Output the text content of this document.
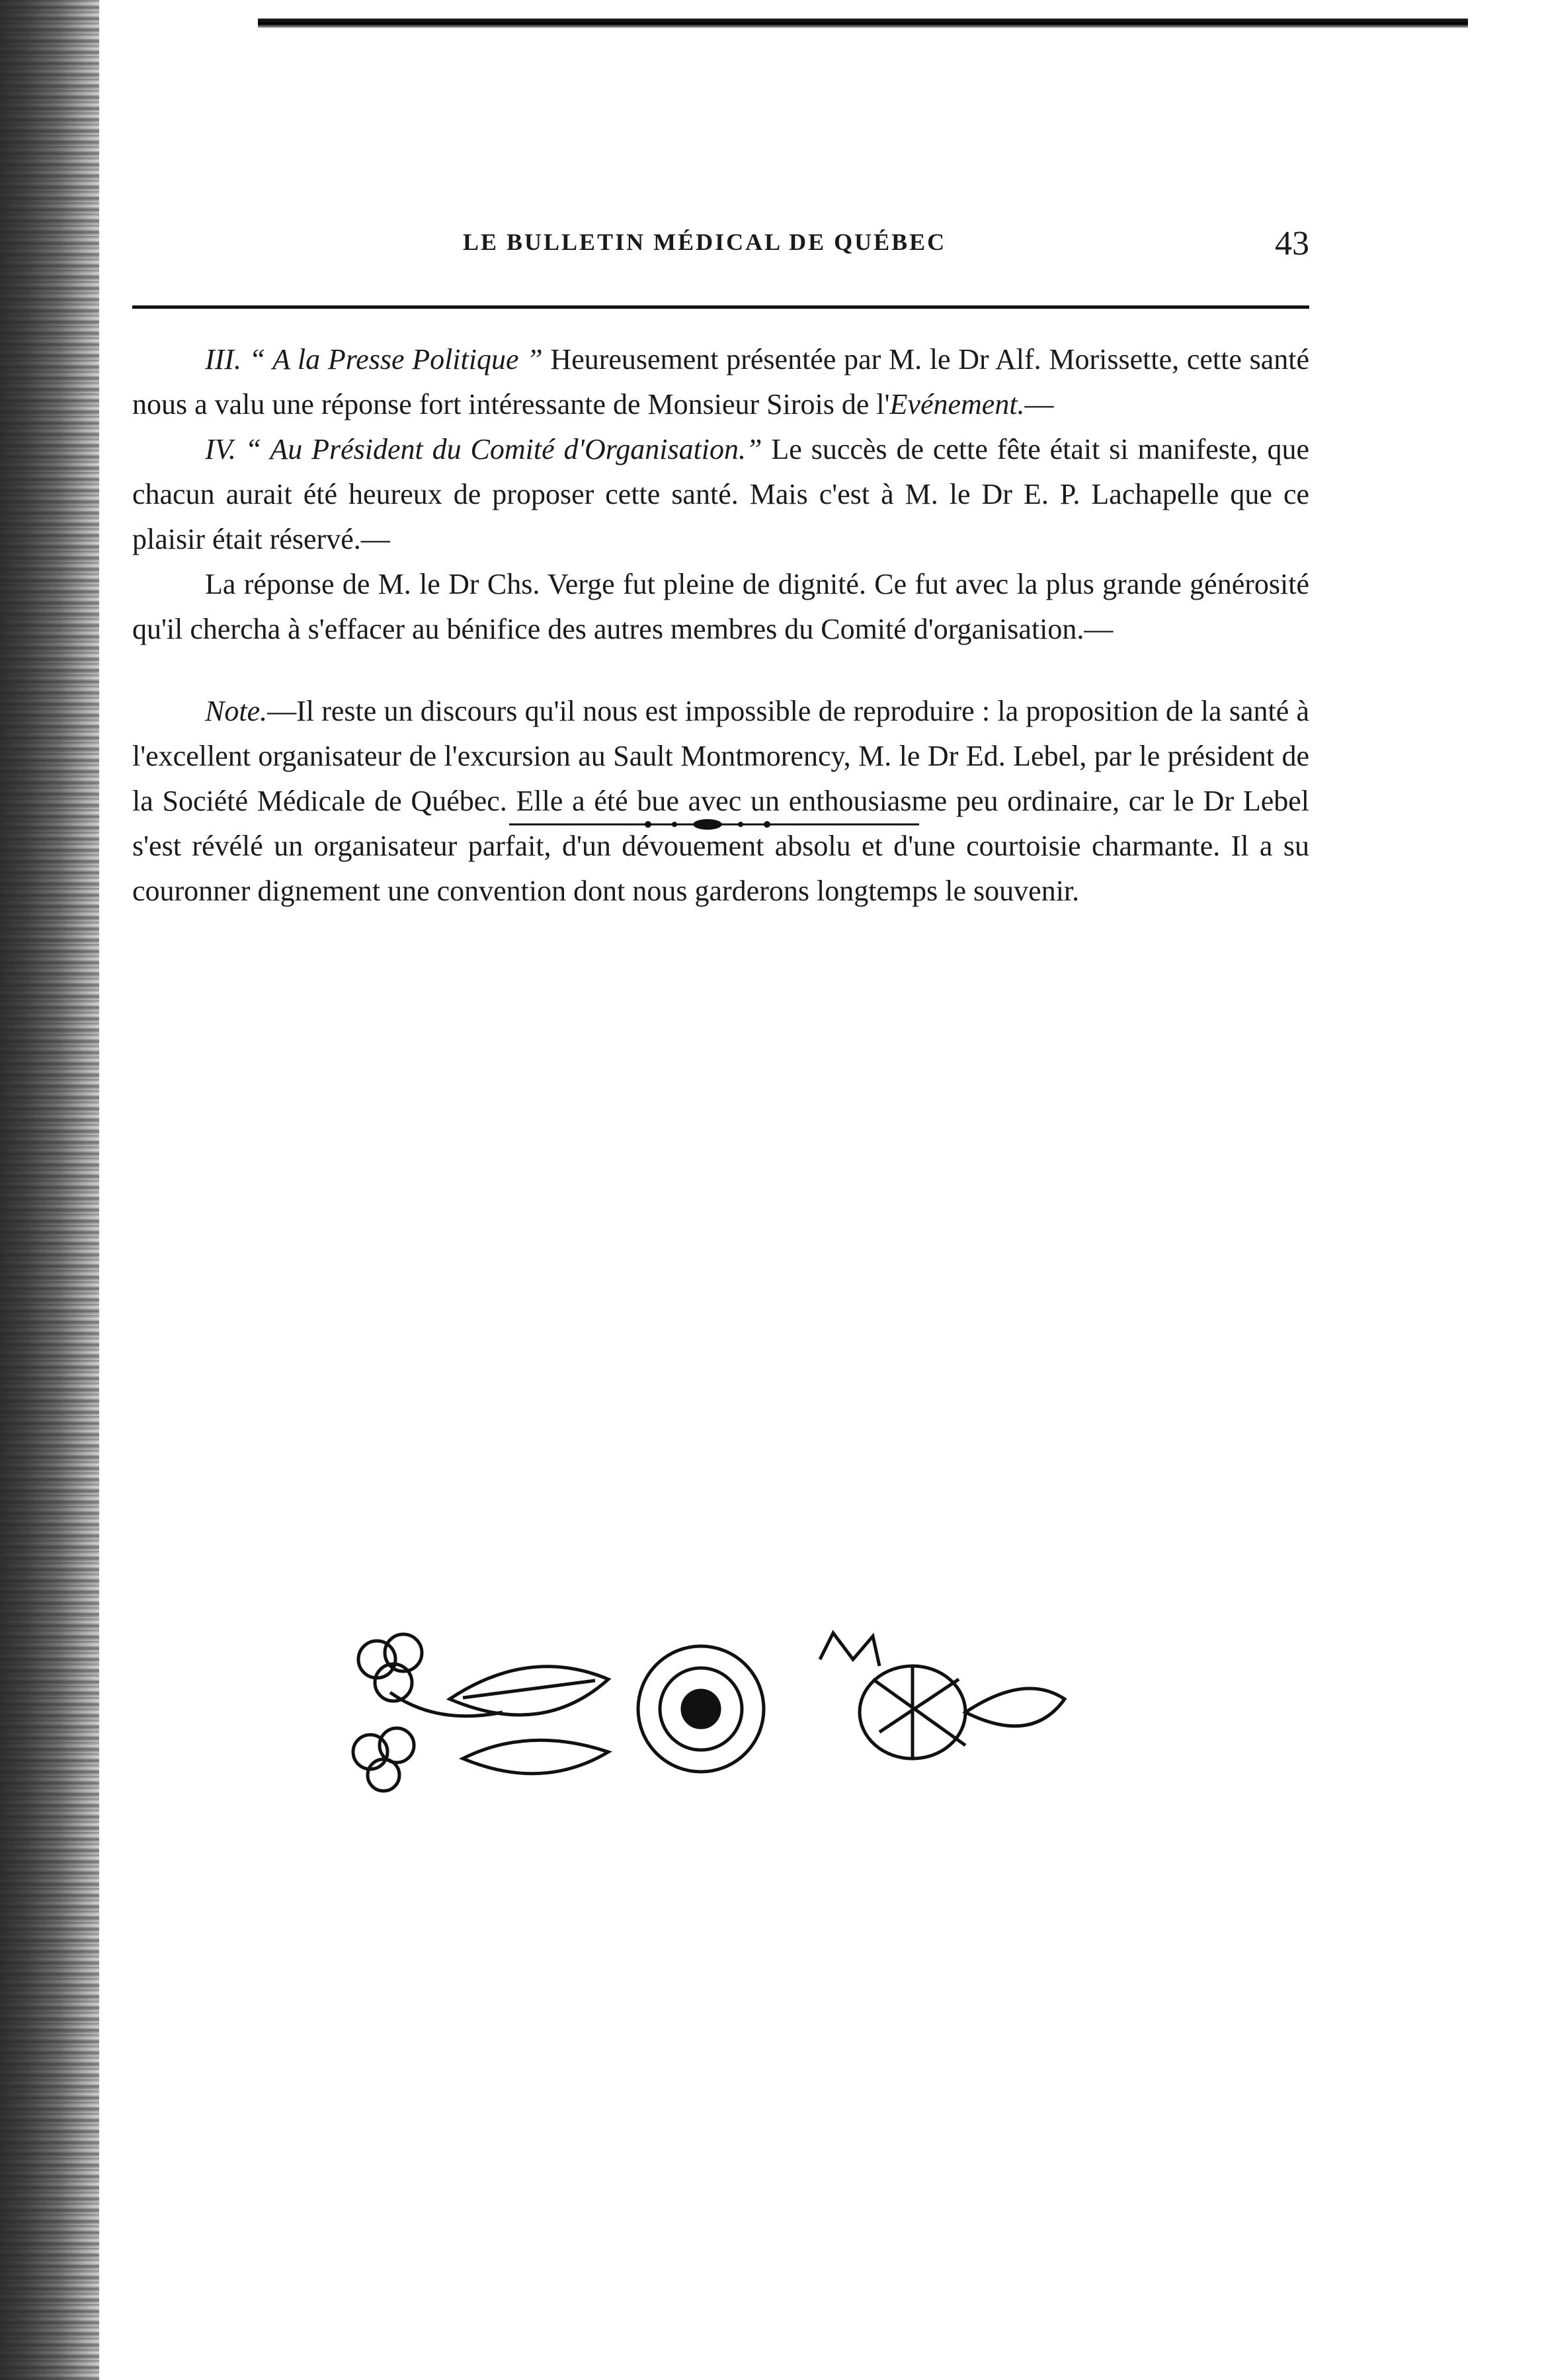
LE BULLETIN MÉDICAL DE QUÉBEC	43

III. “ A la Presse Politique ” Heureusement présentée par M. le Dr Alf. Morissette, cette santé nous a valu une réponse fort intéressante de Monsieur Sirois de l'Evénement.—

IV. “ Au Président du Comité d'Organisation.” Le succès de cette fête était si manifeste, que chacun aurait été heureux de proposer cette santé. Mais c'est à M. le Dr E. P. Lachapelle que ce plaisir était réservé.—

La réponse de M. le Dr Chs. Verge fut pleine de dignité. Ce fut avec la plus grande générosité qu'il chercha à s'effacer au bénifice des autres membres du Comité d'organisation.—

Note.—Il reste un discours qu'il nous est impossible de reproduire : la proposition de la santé à l'excellent organisateur de l'excursion au Sault Montmorency, M. le Dr Ed. Lebel, par le président de la Société Médicale de Québec. Elle a été bue avec un enthousiasme peu ordinaire, car le Dr Lebel s'est révélé un organisateur parfait, d'un dévouement absolu et d'une courtoisie charmante. Il a su couronner dignement une convention dont nous garderons longtemps le souvenir.
